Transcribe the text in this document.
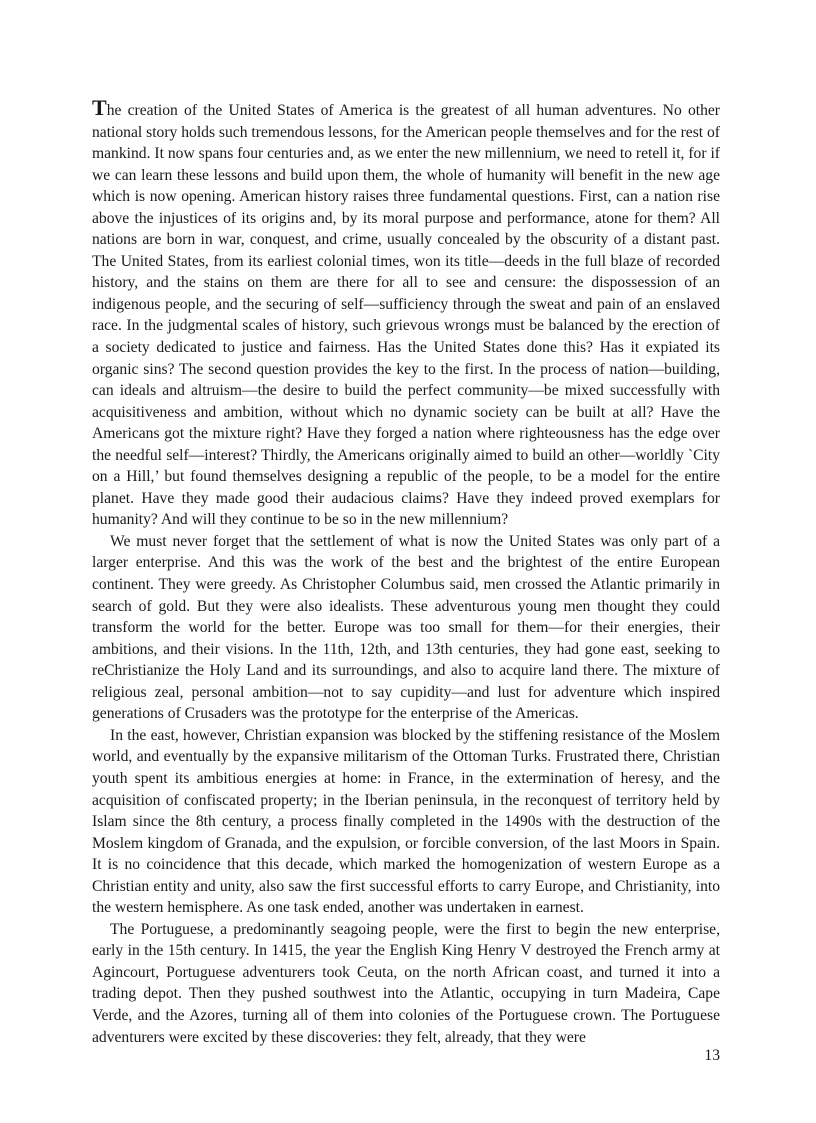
The creation of the United States of America is the greatest of all human adventures. No other national story holds such tremendous lessons, for the American people themselves and for the rest of mankind. It now spans four centuries and, as we enter the new millennium, we need to retell it, for if we can learn these lessons and build upon them, the whole of humanity will benefit in the new age which is now opening. American history raises three fundamental questions. First, can a nation rise above the injustices of its origins and, by its moral purpose and performance, atone for them? All nations are born in war, conquest, and crime, usually concealed by the obscurity of a distant past. The United States, from its earliest colonial times, won its title—deeds in the full blaze of recorded history, and the stains on them are there for all to see and censure: the dispossession of an indigenous people, and the securing of self—sufficiency through the sweat and pain of an enslaved race. In the judgmental scales of history, such grievous wrongs must be balanced by the erection of a society dedicated to justice and fairness. Has the United States done this? Has it expiated its organic sins? The second question provides the key to the first. In the process of nation—building, can ideals and altruism—the desire to build the perfect community—be mixed successfully with acquisitiveness and ambition, without which no dynamic society can be built at all? Have the Americans got the mixture right? Have they forged a nation where righteousness has the edge over the needful self—interest? Thirdly, the Americans originally aimed to build an other—worldly `City on a Hill,’ but found themselves designing a republic of the people, to be a model for the entire planet. Have they made good their audacious claims? Have they indeed proved exemplars for humanity? And will they continue to be so in the new millennium?

We must never forget that the settlement of what is now the United States was only part of a larger enterprise. And this was the work of the best and the brightest of the entire European continent. They were greedy. As Christopher Columbus said, men crossed the Atlantic primarily in search of gold. But they were also idealists. These adventurous young men thought they could transform the world for the better. Europe was too small for them—for their energies, their ambitions, and their visions. In the 11th, 12th, and 13th centuries, they had gone east, seeking to reChristianize the Holy Land and its surroundings, and also to acquire land there. The mixture of religious zeal, personal ambition—not to say cupidity—and lust for adventure which inspired generations of Crusaders was the prototype for the enterprise of the Americas.

In the east, however, Christian expansion was blocked by the stiffening resistance of the Moslem world, and eventually by the expansive militarism of the Ottoman Turks. Frustrated there, Christian youth spent its ambitious energies at home: in France, in the extermination of heresy, and the acquisition of confiscated property; in the Iberian peninsula, in the reconquest of territory held by Islam since the 8th century, a process finally completed in the 1490s with the destruction of the Moslem kingdom of Granada, and the expulsion, or forcible conversion, of the last Moors in Spain. It is no coincidence that this decade, which marked the homogenization of western Europe as a Christian entity and unity, also saw the first successful efforts to carry Europe, and Christianity, into the western hemisphere. As one task ended, another was undertaken in earnest.

The Portuguese, a predominantly seagoing people, were the first to begin the new enterprise, early in the 15th century. In 1415, the year the English King Henry V destroyed the French army at Agincourt, Portuguese adventurers took Ceuta, on the north African coast, and turned it into a trading depot. Then they pushed southwest into the Atlantic, occupying in turn Madeira, Cape Verde, and the Azores, turning all of them into colonies of the Portuguese crown. The Portuguese adventurers were excited by these discoveries: they felt, already, that they were

13
